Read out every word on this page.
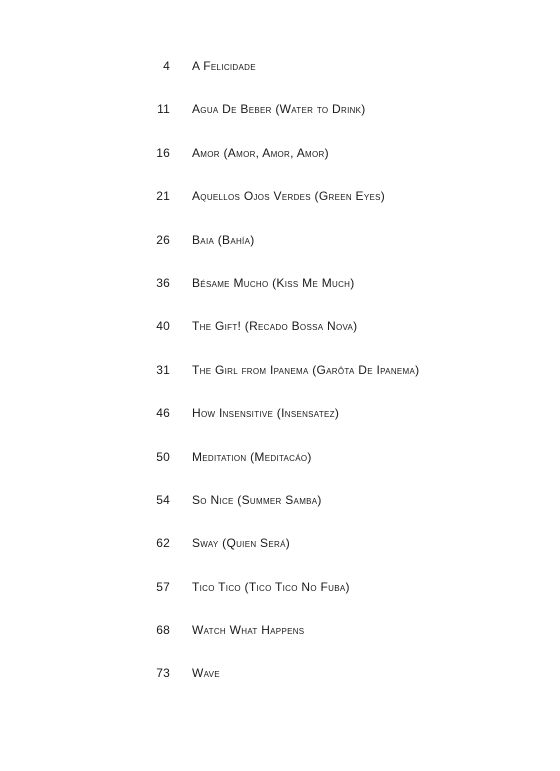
4 A Felicidade
11 Agua De Beber (Water to Drink)
16 Amor (Amor, Amor, Amor)
21 Aquellos Ojos Verdes (Green Eyes)
26 Baia (Bahía)
36 Bésame Mucho (Kiss Me Much)
40 The Gift! (Recado Bossa Nova)
31 The Girl from Ipanema (Garôta De Ipanema)
46 How Insensitive (Insensatez)
50 Meditation (Meditacáo)
54 So Nice (Summer Samba)
62 Sway (Quien Será)
57 Tico Tico (Tico Tico No Fuba)
68 Watch What Happens
73 Wave
